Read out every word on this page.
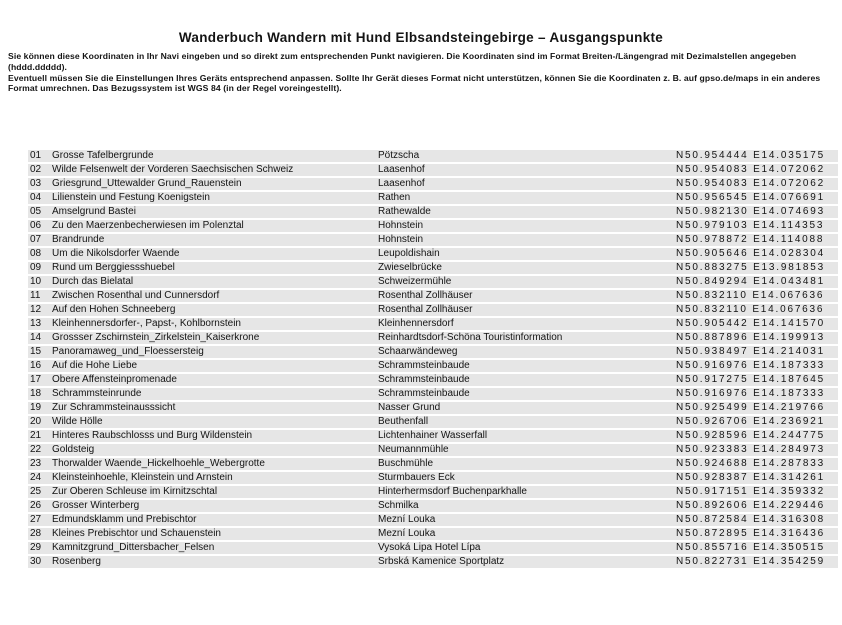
Wanderbuch Wandern mit Hund Elbsandsteingebirge – Ausgangspunkte

Sie können diese Koordinaten in Ihr Navi eingeben und so direkt zum entsprechenden Punkt navigieren. Die Koordinaten sind im Format Breiten-/Längengrad mit Dezimalstellen angegeben (hddd.ddddd).

Eventuell müssen Sie die Einstellungen Ihres Geräts entsprechend anpassen. Sollte Ihr Gerät dieses Format nicht unterstützen, können Sie die Koordinaten z. B. auf gpso.de/maps in ein anderes Format umrechnen. Das Bezugssystem ist WGS 84 (in der Regel voreingestellt).

01	Grosse Tafelbergrunde	Pötzscha	N50.954444 E14.035175
02	Wilde Felsenwelt der Vorderen Saechsischen Schweiz	Laasenhof	N50.954083 E14.072062
03	Griesgrund_Uttewalder Grund_Rauenstein	Laasenhof	N50.954083 E14.072062
04	Lilienstein und Festung Koenigstein	Rathen	N50.956545 E14.076691
05	Amselgrund Bastei	Rathewalde	N50.982130 E14.074693
06	Zu den Maerzenbecherwiesen im Polenztal	Hohnstein	N50.979103 E14.114353
07	Brandrunde	Hohnstein	N50.978872 E14.114088
08	Um die Nikolsdorfer Waende	Leupoldishain	N50.905646 E14.028304
09	Rund um Berggiessshuebel	Zwieselbrücke	N50.883275 E13.981853
10	Durch das Bielatal	Schweizermühle	N50.849294 E14.043481
11	Zwischen Rosenthal und Cunnersdorf	Rosenthal Zollhäuser	N50.832110 E14.067636
12	Auf den Hohen Schneeberg	Rosenthal Zollhäuser	N50.832110 E14.067636
13	Kleinhennersdorfer-, Papst-, Kohlbornstein	Kleinhennersdorf	N50.905442 E14.141570
14	Grossser Zschirnstein_Zirkelstein_Kaiserkrone	Reinhardtsdorf-Schöna Touristinformation	N50.887896 E14.199913
15	Panoramaweg_und_Floessersteig	Schaarwändeweg	N50.938497 E14.214031
16	Auf die Hohe Liebe	Schrammsteinbaude	N50.916976 E14.187333
17	Obere Affensteinpromenade	Schrammsteinbaude	N50.917275 E14.187645
18	Schrammsteinrunde	Schrammsteinbaude	N50.916976 E14.187333
19	Zur Schrammsteinausssicht	Nasser Grund	N50.925499 E14.219766
20	Wilde Hölle	Beuthenfall	N50.926706 E14.236921
21	Hinteres Raubschlosss und Burg Wildenstein	Lichtenhainer Wasserfall	N50.928596 E14.244775
22	Goldsteig	Neumannmühle	N50.923383 E14.284973
23	Thorwalder Waende_Hickelhoehle_Webergrotte	Buschmühle	N50.924688 E14.287833
24	Kleinsteinhoehle, Kleinstein und Arnstein	Sturmbauers Eck	N50.928387 E14.314261
25	Zur Oberen Schleuse im Kirnitzschtal	Hinterhermsdorf Buchenparkhalle	N50.917151 E14.359332
26	Grosser Winterberg	Schmilka	N50.892606 E14.229446
27	Edmundsklamm und Prebischtor	Mezní Louka	N50.872584 E14.316308
28	Kleines Prebischtor und Schauenstein	Mezní Louka	N50.872895 E14.316436
29	Kamnitzgrund_Dittersbacher_Felsen	Vysoká Lipa Hotel Lípa	N50.855716 E14.350515
30	Rosenberg	Srbská Kamenice Sportplatz	N50.822731 E14.354259
